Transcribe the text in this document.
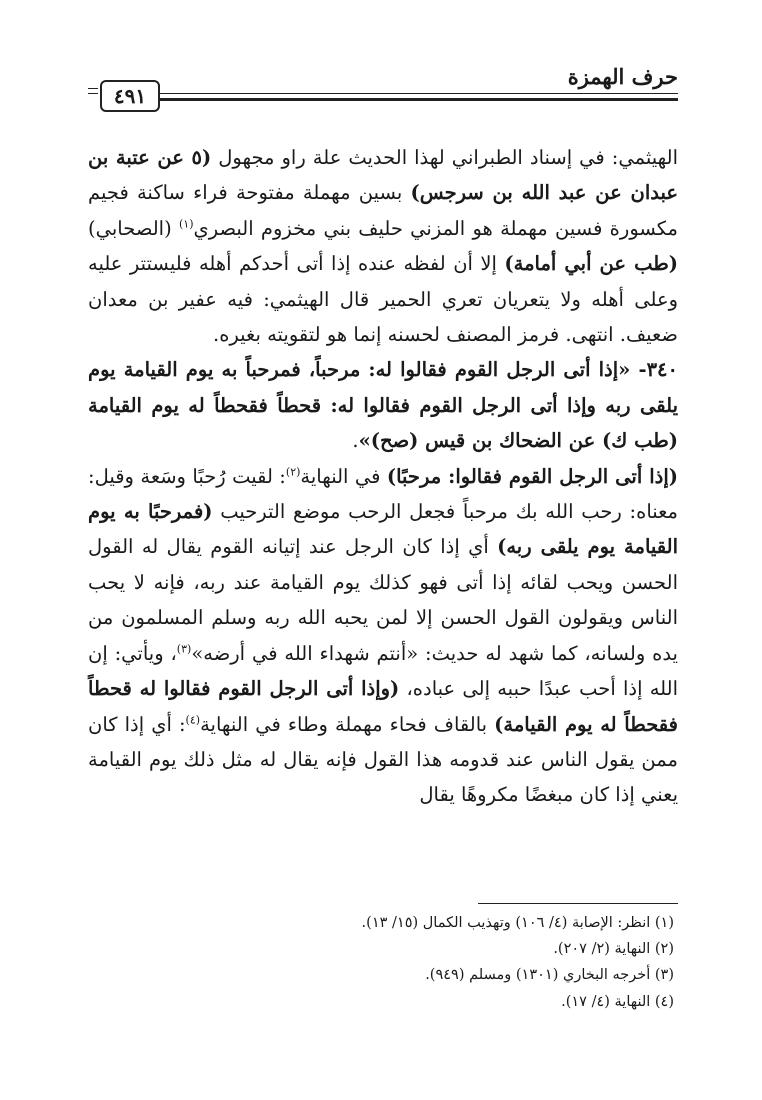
حرف الهمزة
٤٩١

الهيثمي: في إسناد الطبراني لهذا الحديث علة راو مجهول (٥ عن عتبة بن عبدان عن عبد الله بن سرجس) بسين مهملة مفتوحة فراء ساكنة فجيم مكسورة فسين مهملة هو المزني حليف بني مخزوم البصري$^{(١)}$ (الصحابي) (طب عن أبي أمامة) إلا أن لفظه عنده إذا أتى أحدكم أهله فليستتر عليه وعلى أهله ولا يتعريان تعري الحمير قال الهيثمي: فيه عفير بن معدان ضعيف. انتهى. فرمز المصنف لحسنه إنما هو لتقويته بغيره.

٣٤٠- «إذا أتى الرجل القوم فقالوا له: مرحباً، فمرحباً به يوم القيامة يوم يلقى ربه وإذا أتى الرجل القوم فقالوا له: قحطاً فقحطاً له يوم القيامة (طب ك) عن الضحاك بن قيس (صح)».

(إذا أتى الرجل القوم فقالوا: مرحبًا) في النهاية$^{(٢)}$: لقيت رُحبًا وسَعة وقيل: معناه: رحب الله بك مرحباً فجعل الرحب موضع الترحيب (فمرحبًا به يوم القيامة يوم يلقى ربه) أي إذا كان الرجل عند إتيانه القوم يقال له القول الحسن ويحب لقائه إذا أتى فهو كذلك يوم القيامة عند ربه، فإنه لا يحب الناس ويقولون القول الحسن إلا لمن يحبه الله ربه وسلم المسلمون من يده ولسانه، كما شهد له حديث: «أنتم شهداء الله في أرضه»$^{(٣)}$، ويأتي: إن الله إذا أحب عبدًا حببه إلى عباده، (وإذا أتى الرجل القوم فقالوا له قحطاً فقحطاً له يوم القيامة) بالقاف فحاء مهملة وطاء في النهاية$^{(٤)}$: أي إذا كان ممن يقول الناس عند قدومه هذا القول فإنه يقال له مثل ذلك يوم القيامة يعني إذا كان مبغضًا مكروهًا يقال

(١) انظر: الإصابة (٤/ ١٠٦) وتهذيب الكمال (١٥/ ١٣).
(٢) النهاية (٢/ ٢٠٧).
(٣) أخرجه البخاري (١٣٠١) ومسلم (٩٤٩).
(٤) النهاية (٤/ ١٧).
